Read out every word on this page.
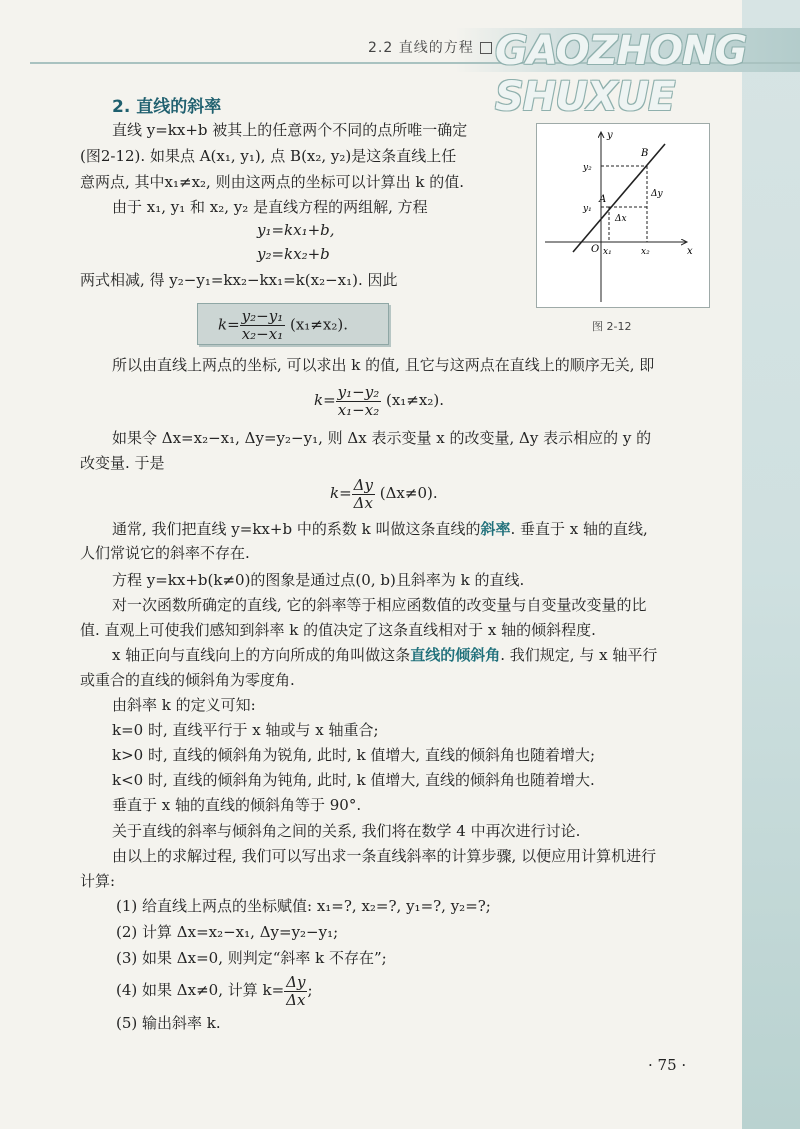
2.2 直线的方程 GAOZHONG SHUXUE
2. 直线的斜率
直线 y=kx+b 被其上的任意两个不同的点所唯一确定
(图2-12). 如果点 A(x₁, y₁), 点 B(x₂, y₂)是这条直线上任
意两点, 其中x₁≠x₂, 则由这两点的坐标可以计算出 k 的值.
由于 x₁, y₁ 和 x₂, y₂ 是直线方程的两组解, 方程
y₁=kx₁+b,
y₂=kx₂+b
两式相减, 得 y₂−y₁=kx₂−kx₁=k(x₂−x₁). 因此
$k= \frac{\text{y₂−y₁}}{\text{x₂−x₁}} (x_1\ne x_2)$.
y
x
O
A
B
y₁
y₂
x₁	x₂
Δx
Δy
图 2-12
所以由直线上两点的坐标, 可以求出 k 的值, 且它与这两点在直线上的顺序无关, 即
$k= \frac{\text{y₁−y₂}}{\text{x₁−x₂}} (x_1\ne x_2)$.
如果令 Δx=x₂−x₁, Δy=y₂−y₁, 则 Δx 表示变量 x 的改变量, Δy 表示相应的 y 的
改变量. 于是
$k= \frac{\Delta y}{\Delta x} (\Delta x\ne 0)$.
通常, 我们把直线 y=kx+b 中的系数 k 叫做这条直线的斜率. 垂直于 x 轴的直线,
人们常说它的斜率不存在.
方程 y=kx+b(k≠0)的图象是通过点(0, b)且斜率为 k 的直线.
对一次函数所确定的直线, 它的斜率等于相应函数值的改变量与自变量改变量的比
值. 直观上可使我们感知到斜率 k 的值决定了这条直线相对于 x 轴的倾斜程度.
x 轴正向与直线向上的方向所成的角叫做这条直线的倾斜角. 我们规定, 与 x 轴平行
或重合的直线的倾斜角为零度角.
由斜率 k 的定义可知:
k=0 时, 直线平行于 x 轴或与 x 轴重合;
k>0 时, 直线的倾斜角为锐角, 此时, k 值增大, 直线的倾斜角也随着增大;
k<0 时, 直线的倾斜角为钝角, 此时, k 值增大, 直线的倾斜角也随着增大.
垂直于 x 轴的直线的倾斜角等于 90°.
关于直线的斜率与倾斜角之间的关系, 我们将在数学 4 中再次进行讨论.
由以上的求解过程, 我们可以写出求一条直线斜率的计算步骤, 以便应用计算机进行
计算:
(1) 给直线上两点的坐标赋值: x₁=?, x₂=?, y₁=?, y₂=?;
(2) 计算 Δx=x₂−x₁, Δy=y₂−y₁;
(3) 如果 Δx=0, 则判定“斜率 k 不存在”;
(4) 如果 Δx≠0, 计算 $k= \frac{\Delta y}{\Delta x}$ ;
(5) 输出斜率 k.
· 75 ·
